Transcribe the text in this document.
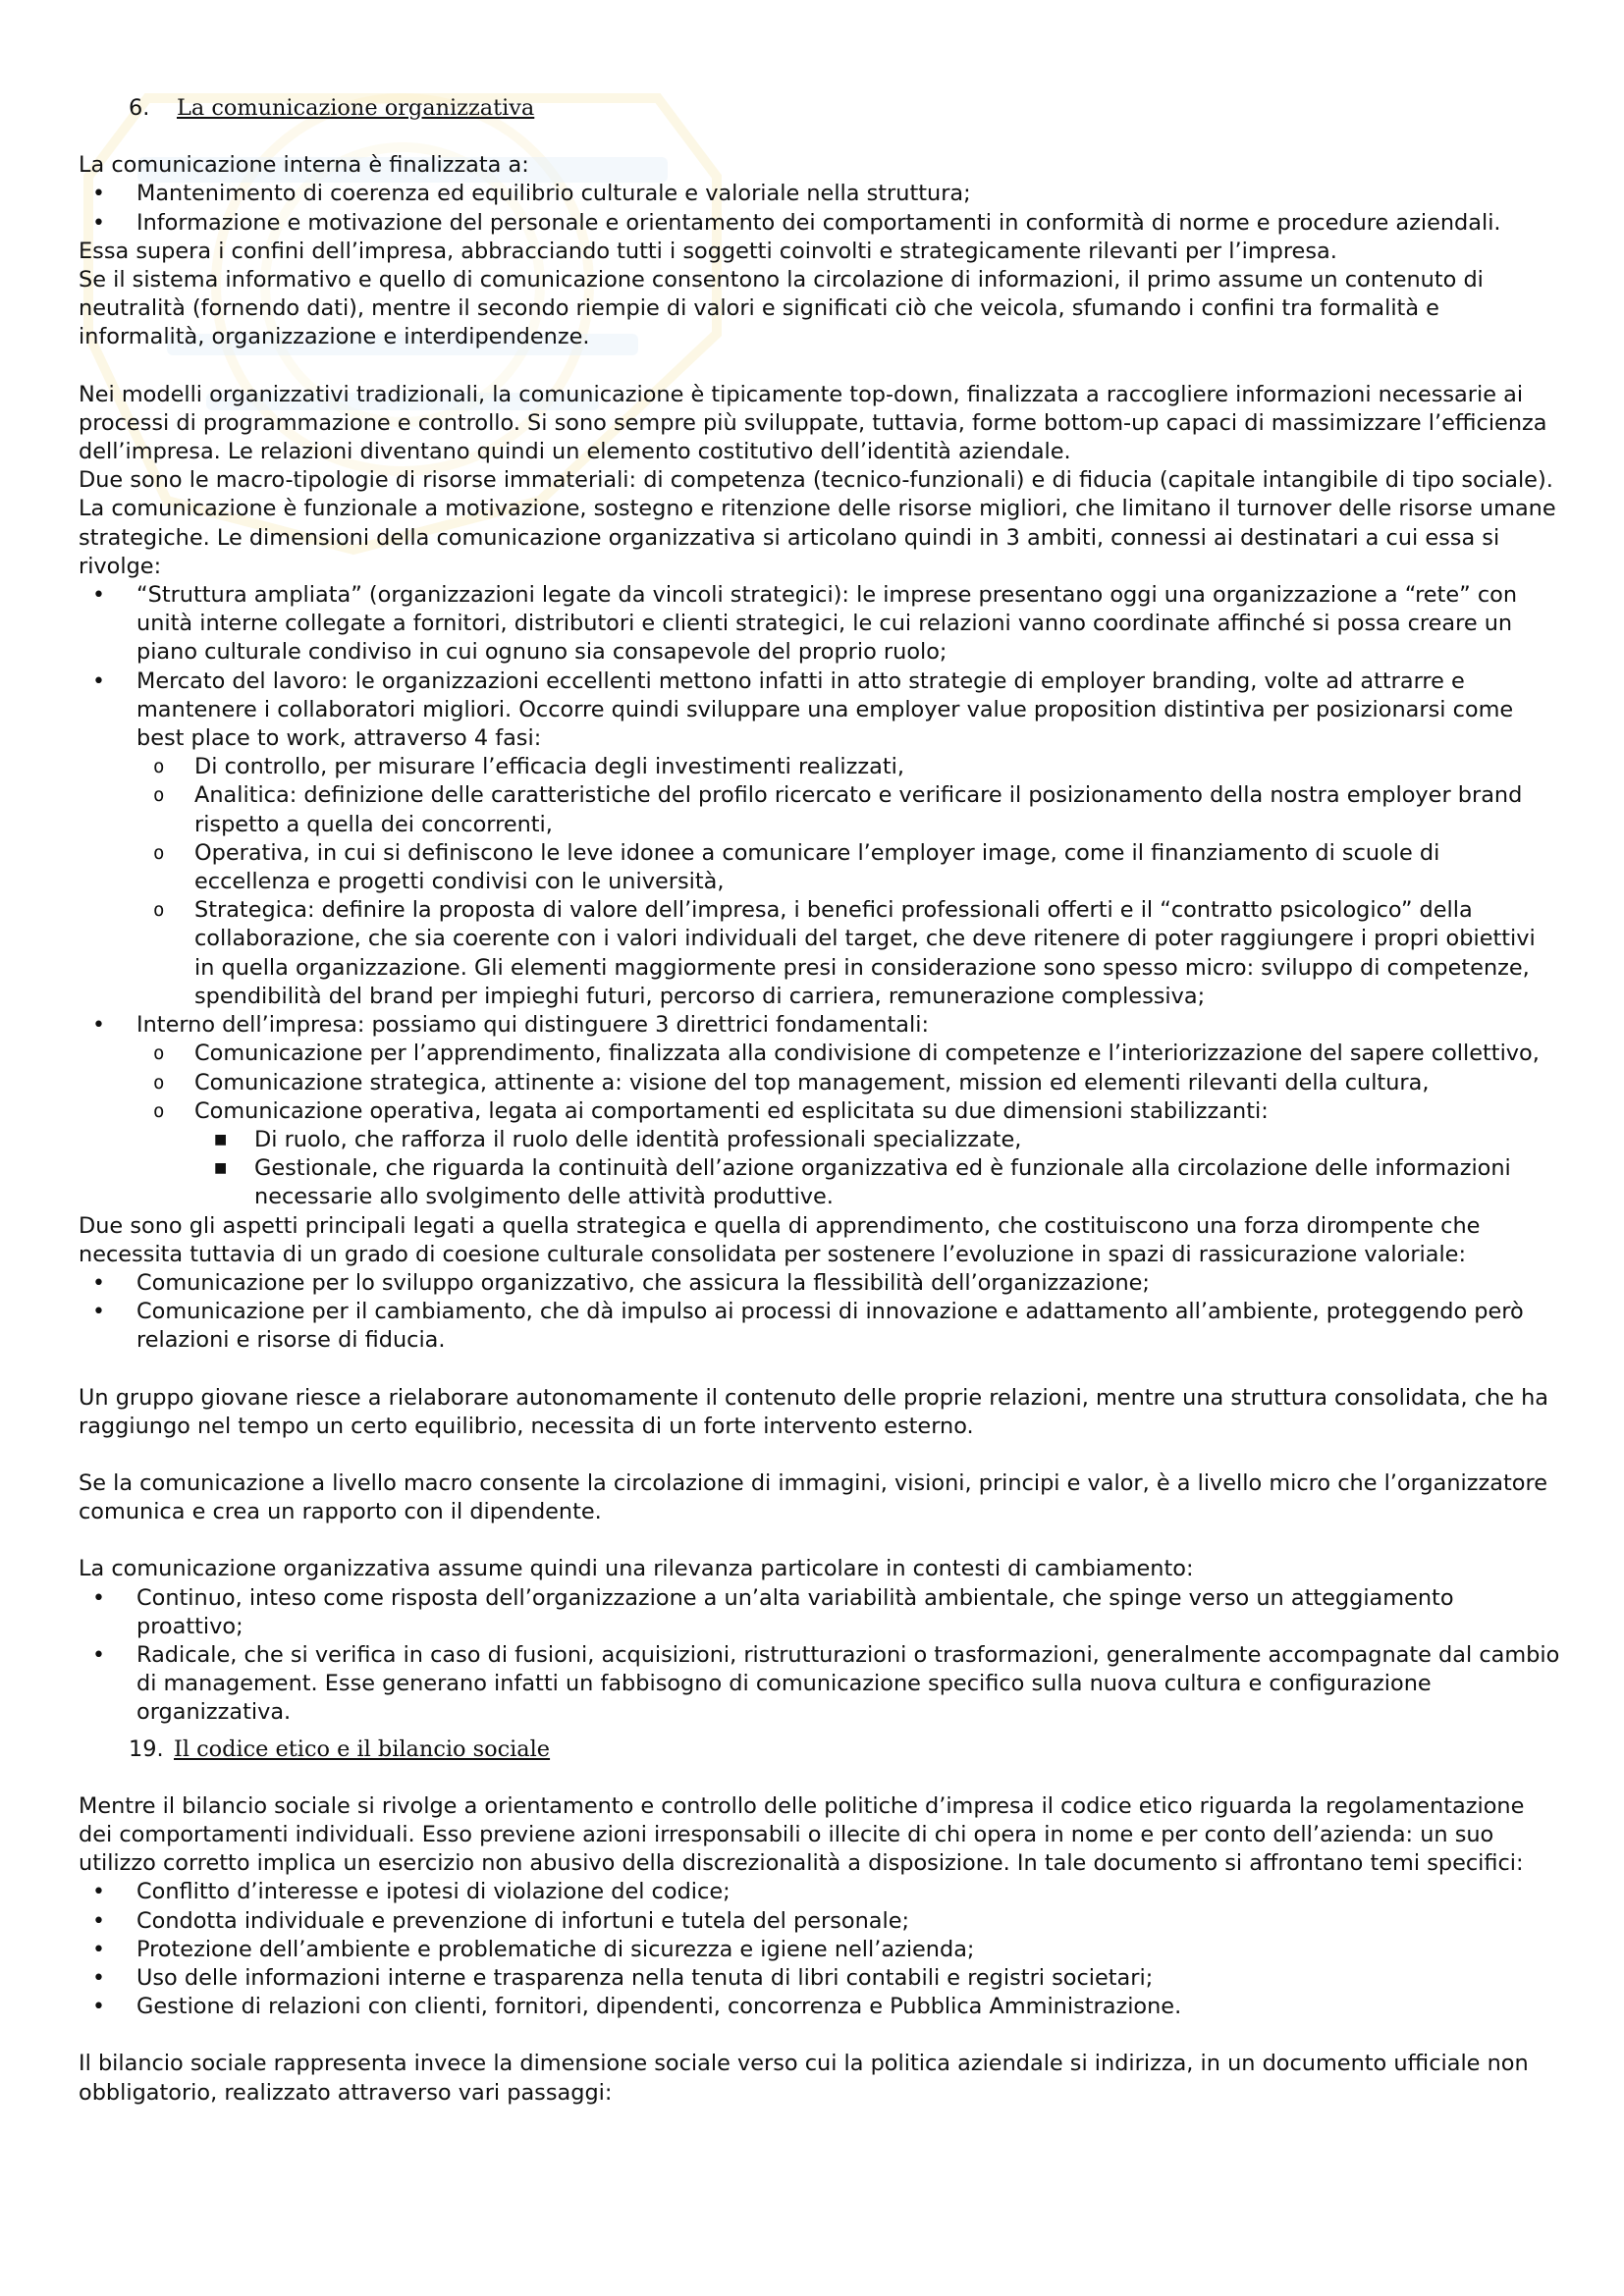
6. La comunicazione organizzativa

La comunicazione interna è finalizzata a:

• Mantenimento di coerenza ed equilibrio culturale e valoriale nella struttura;
• Informazione e motivazione del personale e orientamento dei comportamenti in conformità di norme e procedure aziendali.

Essa supera i confini dell’impresa, abbracciando tutti i soggetti coinvolti e strategicamente rilevanti per l’impresa.

Se il sistema informativo e quello di comunicazione consentono la circolazione di informazioni, il primo assume un contenuto di neutralità (fornendo dati), mentre il secondo riempie di valori e significati ciò che veicola, sfumando i confini tra formalità e informalità, organizzazione e interdipendenze.

Nei modelli organizzativi tradizionali, la comunicazione è tipicamente top-down, finalizzata a raccogliere informazioni necessarie ai processi di programmazione e controllo. Si sono sempre più sviluppate, tuttavia, forme bottom-up capaci di massimizzare l’efficienza dell’impresa. Le relazioni diventano quindi un elemento costitutivo dell’identità aziendale.

Due sono le macro-tipologie di risorse immateriali: di competenza (tecnico-funzionali) e di fiducia (capitale intangibile di tipo sociale).

La comunicazione è funzionale a motivazione, sostegno e ritenzione delle risorse migliori, che limitano il turnover delle risorse umane strategiche. Le dimensioni della comunicazione organizzativa si articolano quindi in 3 ambiti, connessi ai destinatari a cui essa si rivolge:

• “Struttura ampliata” (organizzazioni legate da vincoli strategici): le imprese presentano oggi una organizzazione a “rete” con unità interne collegate a fornitori, distributori e clienti strategici, le cui relazioni vanno coordinate affinché si possa creare un piano culturale condiviso in cui ognuno sia consapevole del proprio ruolo;
• Mercato del lavoro: le organizzazioni eccellenti mettono infatti in atto strategie di employer branding, volte ad attrarre e mantenere i collaboratori migliori. Occorre quindi sviluppare una employer value proposition distintiva per posizionarsi come best place to work, attraverso 4 fasi:
o Di controllo, per misurare l’efficacia degli investimenti realizzati,
o Analitica: definizione delle caratteristiche del profilo ricercato e verificare il posizionamento della nostra employer brand rispetto a quella dei concorrenti,
o Operativa, in cui si definiscono le leve idonee a comunicare l’employer image, come il finanziamento di scuole di eccellenza e progetti condivisi con le università,
o Strategica: definire la proposta di valore dell’impresa, i benefici professionali offerti e il “contratto psicologico” della collaborazione, che sia coerente con i valori individuali del target, che deve ritenere di poter raggiungere i propri obiettivi in quella organizzazione. Gli elementi maggiormente presi in considerazione sono spesso micro: sviluppo di competenze, spendibilità del brand per impieghi futuri, percorso di carriera, remunerazione complessiva;
• Interno dell’impresa: possiamo qui distinguere 3 direttrici fondamentali:
o Comunicazione per l’apprendimento, finalizzata alla condivisione di competenze e l’interiorizzazione del sapere collettivo,
o Comunicazione strategica, attinente a: visione del top management, mission ed elementi rilevanti della cultura,
o Comunicazione operativa, legata ai comportamenti ed esplicitata su due dimensioni stabilizzanti:
■ Di ruolo, che rafforza il ruolo delle identità professionali specializzate,
■ Gestionale, che riguarda la continuità dell’azione organizzativa ed è funzionale alla circolazione delle informazioni necessarie allo svolgimento delle attività produttive.

Due sono gli aspetti principali legati a quella strategica e quella di apprendimento, che costituiscono una forza dirompente che necessita tuttavia di un grado di coesione culturale consolidata per sostenere l’evoluzione in spazi di rassicurazione valoriale:

• Comunicazione per lo sviluppo organizzativo, che assicura la flessibilità dell’organizzazione;
• Comunicazione per il cambiamento, che dà impulso ai processi di innovazione e adattamento all’ambiente, proteggendo però relazioni e risorse di fiducia.

Un gruppo giovane riesce a rielaborare autonomamente il contenuto delle proprie relazioni, mentre una struttura consolidata, che ha raggiungo nel tempo un certo equilibrio, necessita di un forte intervento esterno.

Se la comunicazione a livello macro consente la circolazione di immagini, visioni, principi e valor, è a livello micro che l’organizzatore comunica e crea un rapporto con il dipendente.

La comunicazione organizzativa assume quindi una rilevanza particolare in contesti di cambiamento:

• Continuo, inteso come risposta dell’organizzazione a un’alta variabilità ambientale, che spinge verso un atteggiamento proattivo;
• Radicale, che si verifica in caso di fusioni, acquisizioni, ristrutturazioni o trasformazioni, generalmente accompagnate dal cambio di management. Esse generano infatti un fabbisogno di comunicazione specifico sulla nuova cultura e configurazione organizzativa.

19. Il codice etico e il bilancio sociale

Mentre il bilancio sociale si rivolge a orientamento e controllo delle politiche d’impresa il codice etico riguarda la regolamentazione dei comportamenti individuali. Esso previene azioni irresponsabili o illecite di chi opera in nome e per conto dell’azienda: un suo utilizzo corretto implica un esercizio non abusivo della discrezionalità a disposizione. In tale documento si affrontano temi specifici:

• Conflitto d’interesse e ipotesi di violazione del codice;
• Condotta individuale e prevenzione di infortuni e tutela del personale;
• Protezione dell’ambiente e problematiche di sicurezza e igiene nell’azienda;
• Uso delle informazioni interne e trasparenza nella tenuta di libri contabili e registri societari;
• Gestione di relazioni con clienti, fornitori, dipendenti, concorrenza e Pubblica Amministrazione.

Il bilancio sociale rappresenta invece la dimensione sociale verso cui la politica aziendale si indirizza, in un documento ufficiale non obbligatorio, realizzato attraverso vari passaggi:
